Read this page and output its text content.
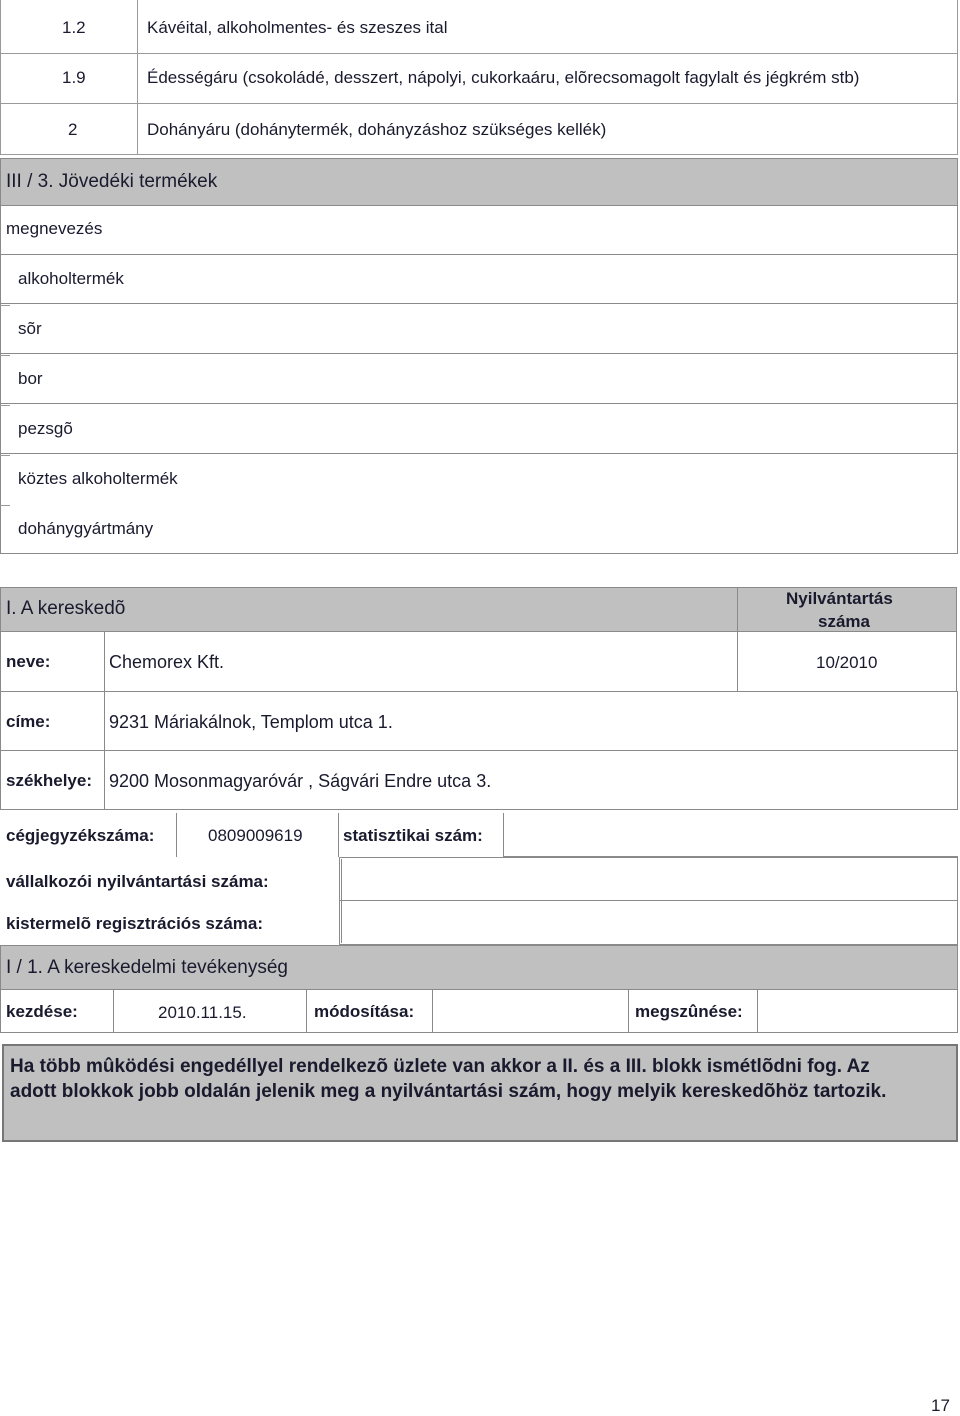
1.2	Kávéital, alkoholmentes- és szeszes ital
1.9	Édességáru (csokoládé, desszert, nápolyi, cukorkaáru, elõrecsomagolt fagylalt és jégkrém stb)
2	Dohányáru (dohánytermék, dohányzáshoz szükséges kellék)
III / 3. Jövedéki termékek
megnevezés
alkoholtermék
sõr
bor
pezsgõ
köztes alkoholtermék
dohánygyártmány
I. A kereskedõ	Nyilvántartás
száma
neve:	Chemorex Kft.	10/2010
címe:	9231 Máriakálnok, Templom utca 1.
székhelye: 9200 Mosonmagyaróvár , Ságvári Endre utca 3.
cégjegyzékszáma:	0809009619 statisztikai szám:
vállalkozói nyilvántartási száma:
kistermelõ regisztrációs száma:
I / 1. A kereskedelmi tevékenység
kezdése:	2010.11.15.	módosítása:	megszûnése:
Ha több mûködési engedéllyel rendelkezõ üzlete van akkor a II. és a III. blokk ismétlõdni fog. Az adott blokkok jobb oldalán jelenik meg a nyilvántartási szám, hogy melyik kereskedõhöz tartozik.
17
